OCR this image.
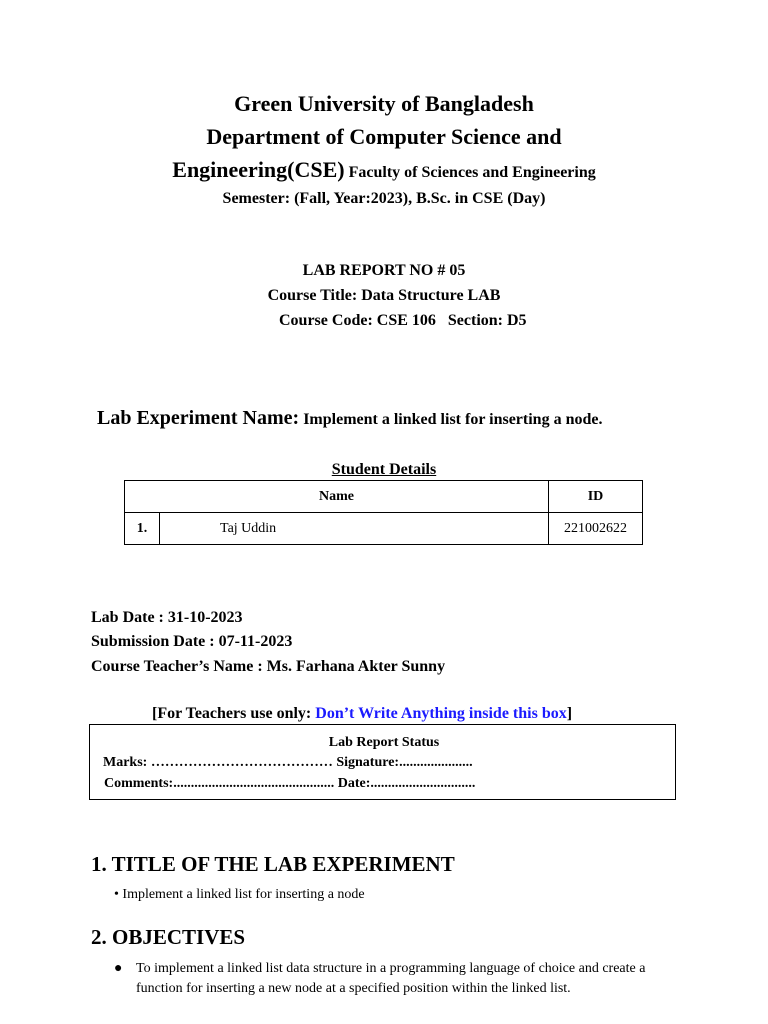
Green University of Bangladesh
Department of Computer Science and
Engineering(CSE) Faculty of Sciences and Engineering
Semester: (Fall, Year:2023), B.Sc. in CSE (Day)
LAB REPORT NO # 05
Course Title: Data Structure LAB
Course Code: CSE 106   Section: D5
Lab Experiment Name: Implement a linked list for inserting a node.
Student Details
Name		ID
1.	Taj Uddin	221002622
Lab Date : 31-10-2023
Submission Date : 07-11-2023
Course Teacher’s Name : Ms. Farhana Akter Sunny
[For Teachers use only: Don’t Write Anything inside this box]
Lab Report Status
Marks: ………………………………… Signature:.....................
Comments:.............................................. Date:..............................
1. TITLE OF THE LAB EXPERIMENT
• Implement a linked list for inserting a node
2. OBJECTIVES
● To implement a linked list data structure in a programming language of choice and create a function for inserting a new node at a specified position within the linked list.
